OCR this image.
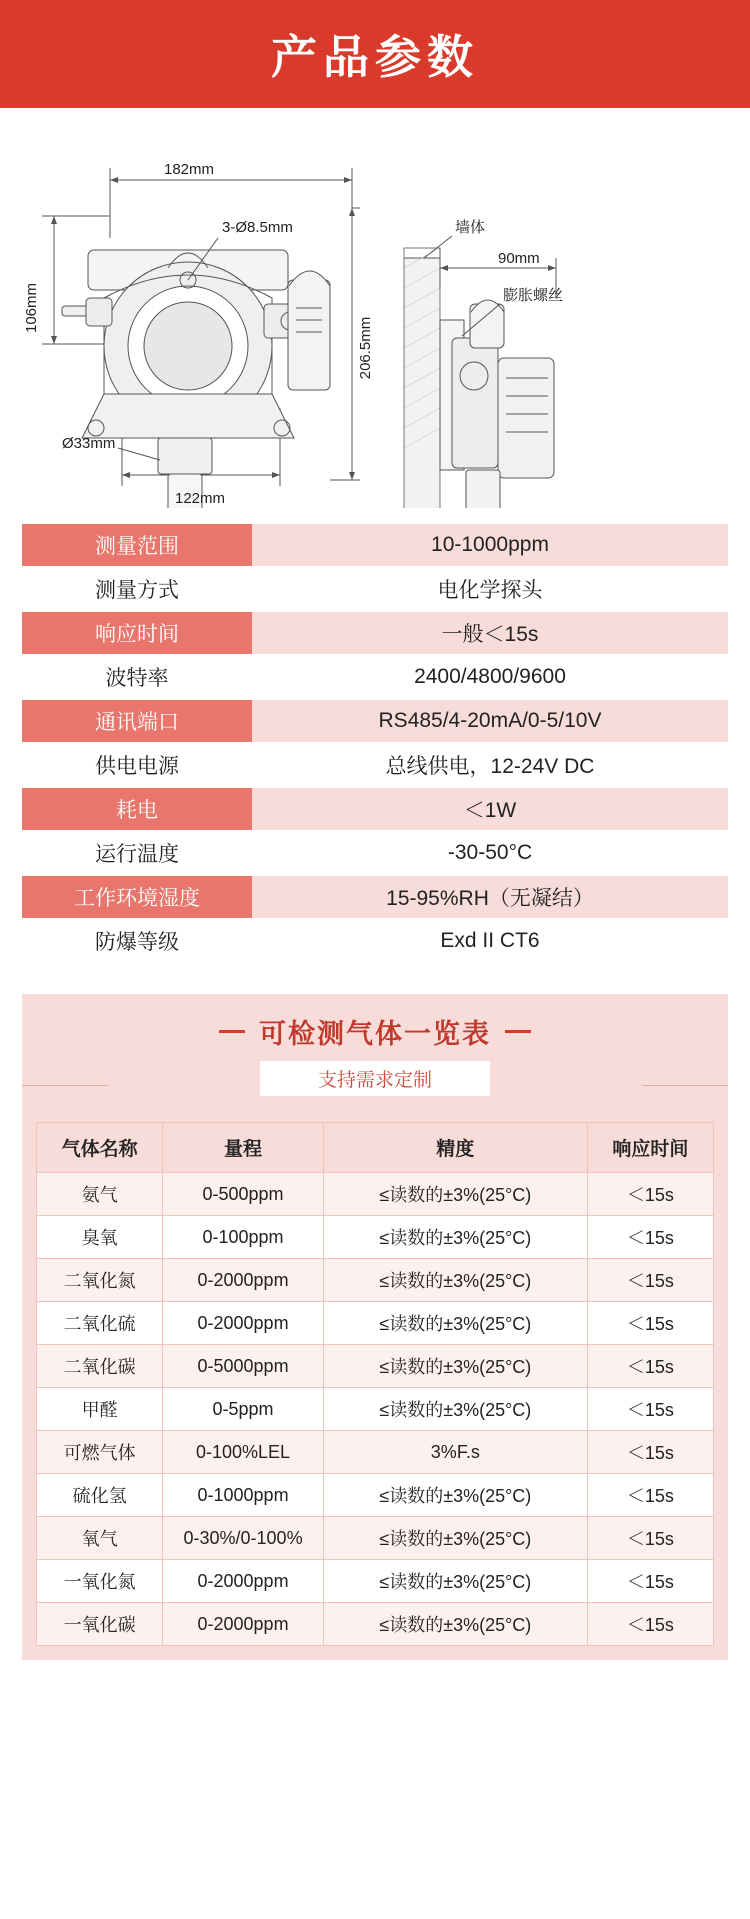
产品参数
182mm
3-Ø8.5mm
106mm
206.5mm
Ø33mm
122mm
墙体
90mm
膨胀螺丝
测量范围	10-1000ppm
测量方式	电化学探头
响应时间	一般＜15s
波特率	2400/4800/9600
通讯端口	RS485/4-20mA/0-5/10V
供电电源	总线供电，12-24V DC
耗电	＜1W
运行温度	-30-50°C
工作环境湿度	15-95%RH（无凝结）
防爆等级	Exd II CT6
可检测气体一览表
支持需求定制
气体名称	量程	精度	响应时间
氨气	0-500ppm	≤读数的±3%(25°C)	＜15s
臭氧	0-100ppm	≤读数的±3%(25°C)	＜15s
二氧化氮	0-2000ppm	≤读数的±3%(25°C)	＜15s
二氧化硫	0-2000ppm	≤读数的±3%(25°C)	＜15s
二氧化碳	0-5000ppm	≤读数的±3%(25°C)	＜15s
甲醛	0-5ppm	≤读数的±3%(25°C)	＜15s
可燃气体	0-100%LEL	3%F.s	＜15s
硫化氢	0-1000ppm	≤读数的±3%(25°C)	＜15s
氧气	0-30%/0-100%	≤读数的±3%(25°C)	＜15s
一氧化氮	0-2000ppm	≤读数的±3%(25°C)	＜15s
一氧化碳	0-2000ppm	≤读数的±3%(25°C)	＜15s
